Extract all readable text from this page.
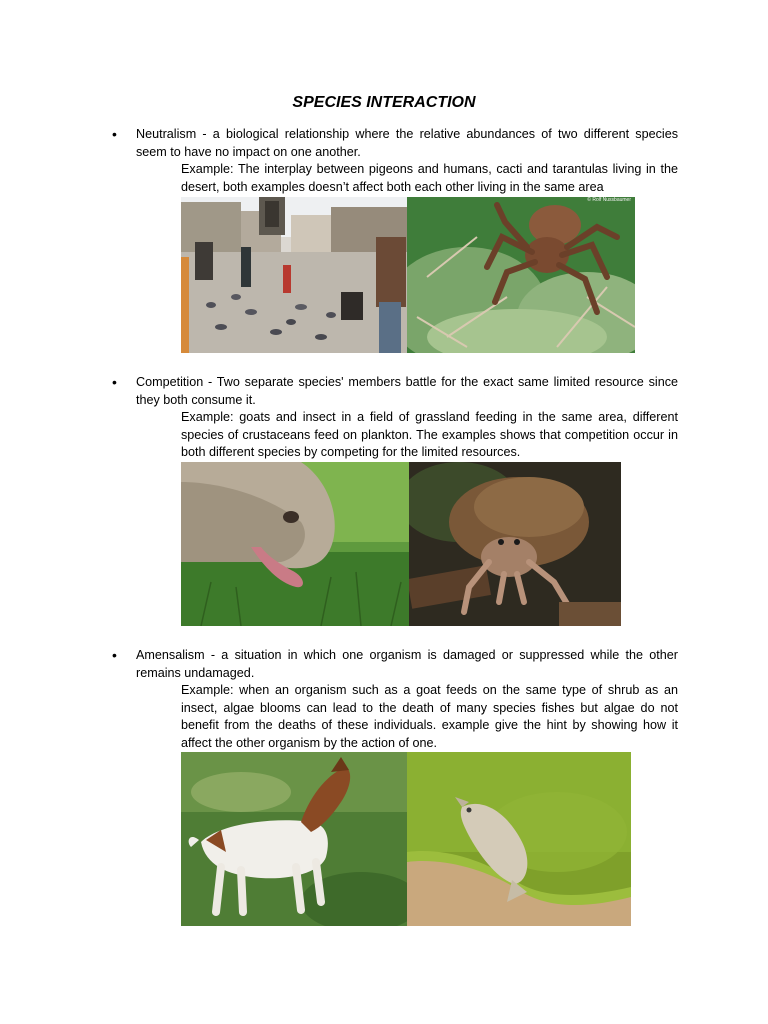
SPECIES INTERACTION
• Neutralism - a biological relationship where the relative abundances of two different species seem to have no impact on one another.
Example: The interplay between pigeons and humans, cacti and tarantulas living in the desert, both examples doesn’t affect both each other living in the same area
© Rolf Nussbaumer
• Competition - Two separate species' members battle for the exact same limited resource since they both consume it.
Example: goats and insect in a field of grassland feeding in the same area, different species of crustaceans feed on plankton. The examples shows that competition occur in both different species by competing for the limited resources.
• Amensalism - a situation in which one organism is damaged or suppressed while the other remains undamaged.
Example: when an organism such as a goat feeds on the same type of shrub as an insect, algae blooms can lead to the death of many species fishes but algae do not benefit from the deaths of these individuals. example give the hint by showing how it affect the other organism by the action of one.
